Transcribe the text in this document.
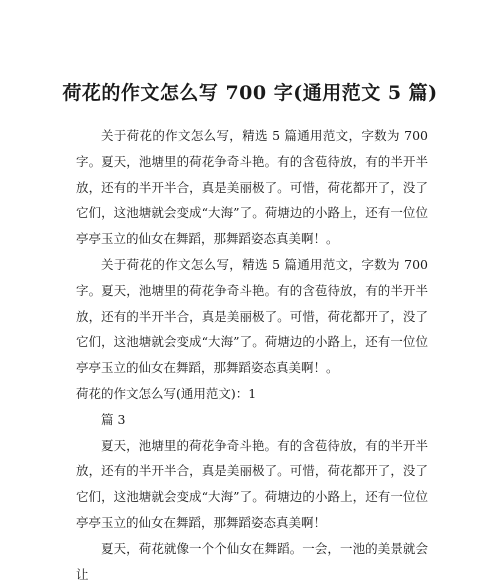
荷花的作文怎么写 700 字(通用范文 5 篇)

关于荷花的作文怎么写，精选 5 篇通用范文，字数为 700 字。夏天，池塘里的荷花争奇斗艳。有的含苞待放，有的半开半放，还有的半开半合，真是美丽极了。可惜，荷花都开了，没了它们，这池塘就会变成“大海”了。荷塘边的小路上，还有一位位亭亭玉立的仙女在舞蹈，那舞蹈姿态真美啊！。

关于荷花的作文怎么写，精选 5 篇通用范文，字数为 700 字。夏天，池塘里的荷花争奇斗艳。有的含苞待放，有的半开半放，还有的半开半合，真是美丽极了。可惜，荷花都开了，没了它们，这池塘就会变成“大海”了。荷塘边的小路上，还有一位位亭亭玉立的仙女在舞蹈，那舞蹈姿态真美啊！。

荷花的作文怎么写(通用范文)：1

篇 3

夏天，池塘里的荷花争奇斗艳。有的含苞待放，有的半开半放，还有的半开半合，真是美丽极了。可惜，荷花都开了，没了它们，这池塘就会变成“大海”了。荷塘边的小路上，还有一位位亭亭玉立的仙女在舞蹈，那舞蹈姿态真美啊！

夏天，荷花就像一个个仙女在舞蹈。一会，一池的美景就会让
